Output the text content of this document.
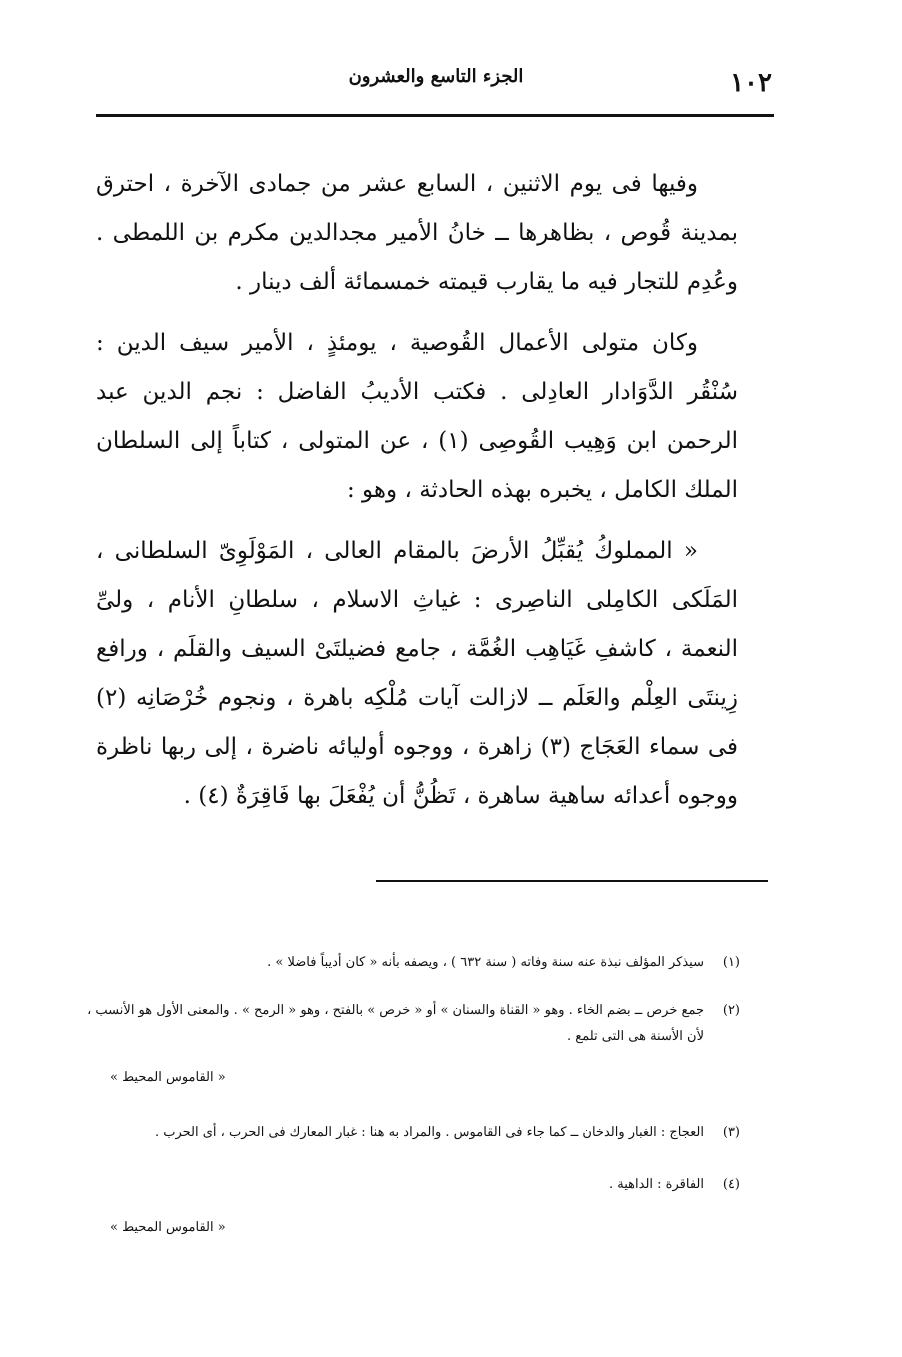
١٠٢
الجزء التاسع والعشرون

وفيها فى يوم الاثنين ، السابع عشر من جمادى الآخرة ، احترق بمدينة قُوص ، بظاهرها ــ خانُ الأمير مجدالدين مكرم بن اللمطى . وعُدِم للتجار فيه ما يقارب قيمته خمسمائة ألف دينار .

وكان متولى الأعمال القُوصية ، يومئذٍ ، الأمير سيف الدين : سُنْقُر الدَّوَادار العادِلى . فكتب الأديبُ الفاضل : نجم الدين عبد الرحمن ابن وَهِيب القُوصِى (١) ، عن المتولى ، كتاباً إلى السلطان الملك الكامل ، يخبره بهذه الحادثة ، وهو :

« المملوكُ يُقبِّلُ الأرضَ بالمقام العالى ، المَوْلَوِىّ السلطانى ، المَلَكى الكامِلى الناصِرى : غياثِ الاسلام ، سلطانِ الأنام ، ولىِّ النعمة ، كاشفِ غَيَاهِب الغُمَّة ، جامع فضيلتَىْ السيف والقلَم ، ورافع زِينتَى العِلْم والعَلَم ــ لازالت آيات مُلْكِه باهرة ، ونجوم خُرْصَانِه (٢) فى سماء العَجَاج (٣) زاهرة ، ووجوه أوليائه ناضرة ، إلى ربها ناظرة ووجوه أعدائه ساهية ساهرة ، تَظُنُّ أن يُفْعَلَ بها فَاقِرَةٌ (٤) .

(١)
سيذكر المؤلف نبذة عنه سنة وفاته ( سنة ٦٣٢ ) ، ويصفه بأنه « كان أديباً فاضلا » .
(٢)
جمع خرص ــ بضم الخاء . وهو « القناة والسنان » أو « خرص » بالفتح ، وهو « الرمح » . والمعنى الأول هو الأنسب ، لأن الأسنة هى التى تلمع .
(٣)
العجاج : الغبار والدخان ــ كما جاء فى القاموس . والمراد به هنا : غبار المعارك فى الحرب ، أى الحرب .
(٤)
الفاقرة : الداهية .
« القاموس المحيط »
« القاموس المحيط »
